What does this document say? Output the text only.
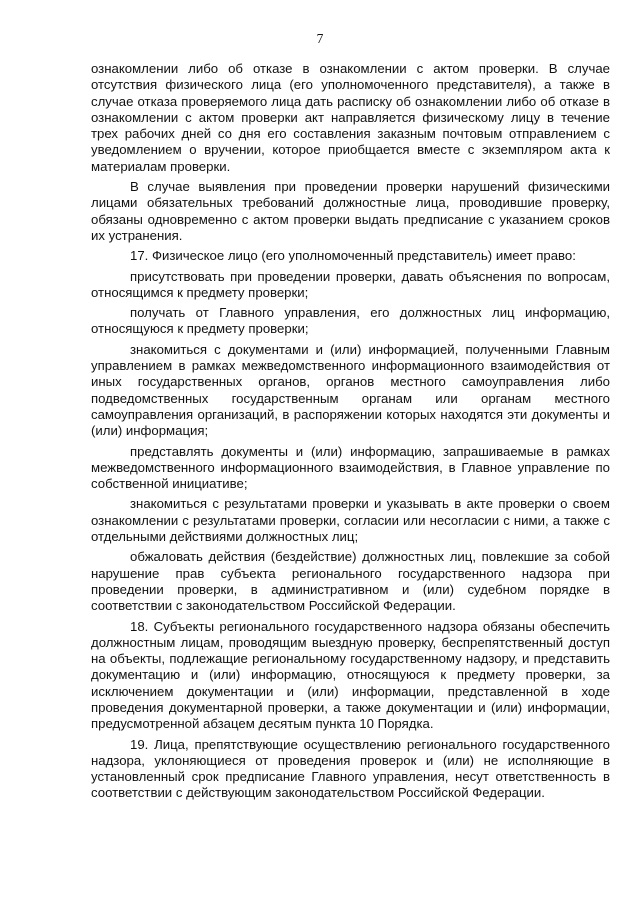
7

ознакомлении либо об отказе в ознакомлении с актом проверки. В случае отсутствия физического лица (его уполномоченного представителя), а также в случае отказа проверяемого лица дать расписку об ознакомлении либо об отказе в ознакомлении с актом проверки акт направляется физическому лицу в течение трех рабочих дней со дня его составления заказным почтовым отправлением с уведомлением о вручении, которое приобщается вместе с экземпляром акта к материалам проверки.

В случае выявления при проведении проверки нарушений физическими лицами обязательных требований должностные лица, проводившие проверку, обязаны одновременно с актом проверки выдать предписание с указанием сроков их устранения.

17. Физическое лицо (его уполномоченный представитель) имеет право:

присутствовать при проведении проверки, давать объяснения по вопросам, относящимся к предмету проверки;

получать от Главного управления, его должностных лиц информацию, относящуюся к предмету проверки;

знакомиться с документами и (или) информацией, полученными Главным управлением в рамках межведомственного информационного взаимодействия от иных государственных органов, органов местного самоуправления либо подведомственных государственным органам или органам местного самоуправления организаций, в распоряжении которых находятся эти документы и (или) информация;

представлять документы и (или) информацию, запрашиваемые в рамках межведомственного информационного взаимодействия, в Главное управление по собственной инициативе;

знакомиться с результатами проверки и указывать в акте проверки о своем ознакомлении с результатами проверки, согласии или несогласии с ними, а также с отдельными действиями должностных лиц;

обжаловать действия (бездействие) должностных лиц, повлекшие за собой нарушение прав субъекта регионального государственного надзора при проведении проверки, в административном и (или) судебном порядке в соответствии с законодательством Российской Федерации.

18. Субъекты регионального государственного надзора обязаны обеспечить должностным лицам, проводящим выездную проверку, беспрепятственный доступ на объекты, подлежащие региональному государственному надзору, и представить документацию и (или) информацию, относящуюся к предмету проверки, за исключением документации и (или) информации, представленной в ходе проведения документарной проверки, а также документации и (или) информации, предусмотренной абзацем десятым пункта 10 Порядка.

19. Лица, препятствующие осуществлению регионального государственного надзора, уклоняющиеся от проведения проверок и (или) не исполняющие в установленный срок предписание Главного управления, несут ответственность в соответствии с действующим законодательством Российской Федерации.
